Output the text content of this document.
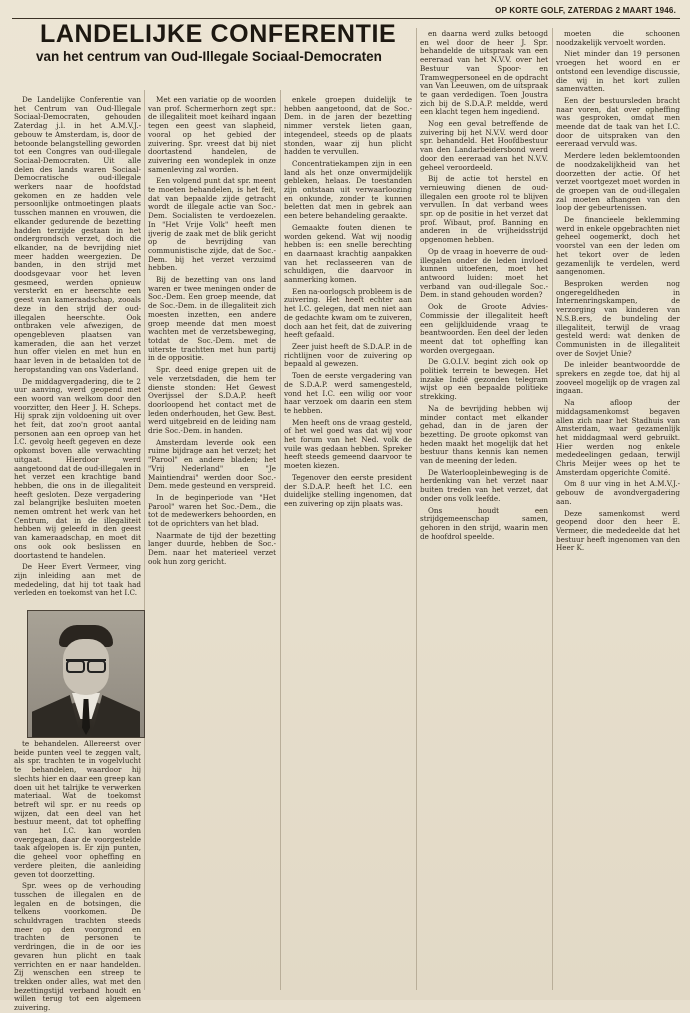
OP KORTE GOLF, ZATERDAG 2 MAART 1946.
LANDELIJKE CONFERENTIE
van het centrum van Oud-Illegale Sociaal-Democraten

De Landelijke Conferentie van het Centrum van Oud-Illegale Sociaal-Democraten, gehouden Zaterdag j.l. in het A.M.V.J.-gebouw te Amsterdam, is, door de betoonde belangstelling geworden tot een Congres van oud-illegale Sociaal-Democraten. Uit alle delen des lands waren Sociaal-Democratische oud-illegale werkers naar de hoofdstad gekomen en ze hadden vele persoonlijke ontmoetingen plaats tusschen mannen en vrouwen, die elkander gedurende de bezetting hadden terzijde gestaan in het ondergrondsch verzet, doch die elkander, na de bevrijding niet meer hadden weergezien. De banden, in den strijd met doodsgevaar voor het leven gesmeed, werden opnieuw versterkt en er heerschte een geest van kameraadschap, zooals deze in den strijd der oud-illegalen heerschte. Ook ontbraken vele afwezigen, de opengebleven plaatsen van kameraden, die aan het verzet hun offer vielen en met hun en haar leven in de betaalden tot de heropstanding van ons Vaderland.

De middagvergadering, die te 2 uur aanving, werd geopend met een woord van welkom door den voorzitter, den Heer J. H. Scheps. Hij sprak zijn voldoening uit over het feit, dat zoo'n groot aantal personen aan een oproep van het I.C. gevolg heeft gegeven en deze opkomst boven alle verwachting uitgaat. Hierdoor werd aangetoond dat de oud-illegalen in het verzet een krachtige band hebben, die ons in de illegaliteit heeft gesloten. Deze vergadering zal belangrijke besluiten moeten nemen omtrent het werk van het Centrum, dat in de illegaliteit hebben wij geleefd in den geest van kameraadschap, en moet dit ons ook ook beslissen en doortastend te handelen.

De Heer Evert Vermeer, ving zijn inleiding aan met de mededeling, dat hij tot taak had verleden en toekomst van het I.C.

te behandelen. Allereerst over beide punten veel te zeggen valt, als spr. trachten te in vogelvlucht te behandelen, waardoor hij slechts hier en daar een greep kan doen uit het talrijke te verwerken materiaal. Wat de toekomst betreft wil spr. er nu reeds op wijzen, dat een deel van het bestuur meent, dat tot opheffing van het I.C. kan worden overgegaan, daar de voorgestelde taak afgelopen is. Er zijn punten, die geheel voor opheffing en verdere pleiten, die aanleiding geven tot doorzetting.

Spr. wees op de verhouding tusschen de illegalen en de legalen en de botsingen, die telkens voorkomen. De schuldvragen trachten steeds meer op den voorgrond en trachten de personen te verdringen, die in de oor ies gevaren hun plicht en taak verrichten en er naar handelden. Zij wenschen een streep te trekken onder alles, wat met den bezettingstijd verband houdt en willen terug tot een algemeen zuivering.

Met een variatie op de woorden van prof. Schermerhorn zegt spr.: de illegaliteit moet keihard ingaan tegen een geest van slapheid, vooral op het gebied der zuivering. Spr. vreest dat bij niet doortastend handelen, de zuivering een wondeplek in onze samenleving zal worden.

Een volgend punt dat spr. meent te moeten behandelen, is het feit, dat van bepaalde zijde getracht wordt de illegale actie van Soc.-Dem. Socialisten te verdoezelen. In "Het Vrije Volk" heeft men ijverig de zaak met de blik gericht op de bevrijding van communistische zijde, dat de Soc.-Dem. bij het verzet verzuimd hebben.

Bij de bezetting van ons land waren er twee meningen onder de Soc.-Dem. Een groep meende, dat de Soc.-Dem. in de illegaliteit zich moesten inzetten, een andere groep meende dat men moest wachten met de verzetsbeweging, totdat de Soc.-Dem. met de uiterste trachtten met hun partij in de oppositie.

Spr. deed enige grepen uit de vele verzetsdaden, die hem ter dienste stonden: Het Gewest Overijssel der S.D.A.P. heeft doorloopend het contact met de leden onderhouden, het Gew. Best. werd uitgebreid en de leiding nam drie Soc.-Dem. in handen.

Amsterdam leverde ook een ruime bijdrage aan het verzet; het "Parool" en andere bladen; het "Vrij Nederland" en "Je Maintiendrai" werden door Soc.-Dem. mede gesteund en verspreid.

In de beginperiode van "Het Parool" waren het Soc.-Dem., die tot de medewerkers behoorden, en tot de oprichters van het blad.

Naarmate de tijd der bezetting langer duurde, hebben de Soc.-Dem. naar het materieel verzet ook hun zorg gericht.

enkele groepen duidelijk te hebben aangetoond, dat de Soc.-Dem. in de jaren der bezetting nimmer verstek lieten gaan, integendeel, steeds op de plaats stonden, waar zij hun plicht hadden te vervullen.

Concentratiekampen zijn in een land als het onze onvermijdelijk gebleken, helaas. De toestanden zijn ontstaan uit verwaarloozing en onkunde, zonder te kunnen beletten dat men in gebrek aan een betere behandeling geraakte.

Gemaakte fouten dienen te worden gekend. Wat wij noodig hebben is: een snelle berechting en daarnaast krachtig aanpakken van het reclasseeren van de schuldigen, die daarvoor in aanmerking komen.

Een na-oorlogsch probleem is de zuivering. Het heeft echter aan het I.C. gelegen, dat men niet aan de gedachte kwam om te zuiveren, doch aan het feit, dat de zuivering heeft gefaald.

Zeer juist heeft de S.D.A.P. in de richtlijnen voor de zuivering op bepaald al gewezen.

Toen de eerste vergadering van de S.D.A.P. werd samengesteld, vond het I.C. een wilig oor voor haar verzoek om daarin een stem te hebben.

Men heeft ons de vraag gesteld, of het wel goed was dat wij voor het forum van het Ned. volk de vuile was gedaan hebben. Spreker heeft steeds gemeend daarvoor te moeten kiezen.

Tegenover den eerste president der S.D.A.P. heeft het I.C. een duidelijke stelling ingenomen, dat een zuivering op zijn plaats was.

en daarna werd zulks betoogd en wel door de heer J. Spr. behandelde de uitspraak van een eereraad van het N.V.V. over het Bestuur van Spoor- en Tramwegpersoneel en de opdracht van Van Leeuwen, om de uitspraak te gaan verdedigen. Toen Joustra zich bij de S.D.A.P. meldde, werd een klacht tegen hem ingediend.

Nog een geval betreffende de zuivering bij het N.V.V. werd door spr. behandeld. Het Hoofdbestuur van den Landarbeidersbond werd door den eereraad van het N.V.V. geheel veroordeeld.

Bij de actie tot herstel en vernieuwing dienen de oud-illegalen een groote rol te blijven vervullen. In dat verband wees spr. op de positie in het verzet dat prof. Wibaut, prof. Banning en anderen in de vrijheidsstrijd opgenomen hebben.

Op de vraag in hoeverre de oud-illegalen onder de leden invloed kunnen uitoefenen, moet het antwoord luiden: moet het verband van oud-illegale Soc.-Dem. in stand gehouden worden?

Ook de Groote Advies-Commissie der illegaliteit heeft een gelijkluidende vraag te beantwoorden. Een deel der leden meent dat tot opheffing kan worden overgegaan.

De G.O.I.V. begint zich ook op politiek terrein te bewegen. Het inzake Indië gezonden telegram wijst op een bepaalde politieke strekking.

Na de bevrijding hebben wij minder contact met elkander gehad, dan in de jaren der bezetting. De groote opkomst van heden maakt het mogelijk dat het bestuur thans kennis kan nemen van de meening der leden.

De Waterloopleinbeweging is de herdenking van het verzet naar buiten treden van het verzet, dat onder ons volk leefde.

Ons houdt een strijdgemeenschap samen, gehoren in den strijd, waarin men de hoofdrol speelde.

moeten die schoonen noodzakelijk vervoelt worden.

Niet minder dan 19 personen vroegen het woord en er ontstond een levendige discussie, die wij in het kort zullen samenvatten.

Een der bestuursleden bracht naar voren, dat over opheffing was gesproken, omdat men meende dat de taak van het I.C. door de uitspraken van den eereraad vervuld was.

Merdere leden beklemtoonden de noodzakelijkheid van het doorzetten der actie. Of het verzet voortgezet moet worden in de groepen van de oud-illegalen zal moeten afhangen van den loop der gebeurtenissen.

De financieele beklemming werd in enkele opgebrachten niet geheel oogemerkt, doch het voorstel van een der leden om het tekort over de leden gezamenlijk te verdelen, werd aangenomen.

Besproken werden nog ongeregeldheden in Internenringskampen, de verzorging van kinderen van N.S.B.ers, de bundeling der illegaliteit, terwijl de vraag gesteld werd: wat denken de Communisten in de illegaliteit over de Sovjet Unie?

De inleider beantwoordde de sprekers en zegde toe, dat hij al zooveel mogelijk op de vragen zal ingaan.

Na afloop der middagsamenkomst begaven allen zich naar het Stadhuis van Amsterdam, waar gezamenlijk het middagmaal werd gebruikt. Hier werden nog enkele mededeelingen gedaan, terwijl Chris Meijer wees op het te Amsterdam opgerichte Comité.

Om 8 uur ving in het A.M.V.J.-gebouw de avondvergadering aan.

Deze samenkomst werd geopend door den heer E. Vermeer, die mededeelde dat het bestuur heeft ingenomen van den Heer K.
